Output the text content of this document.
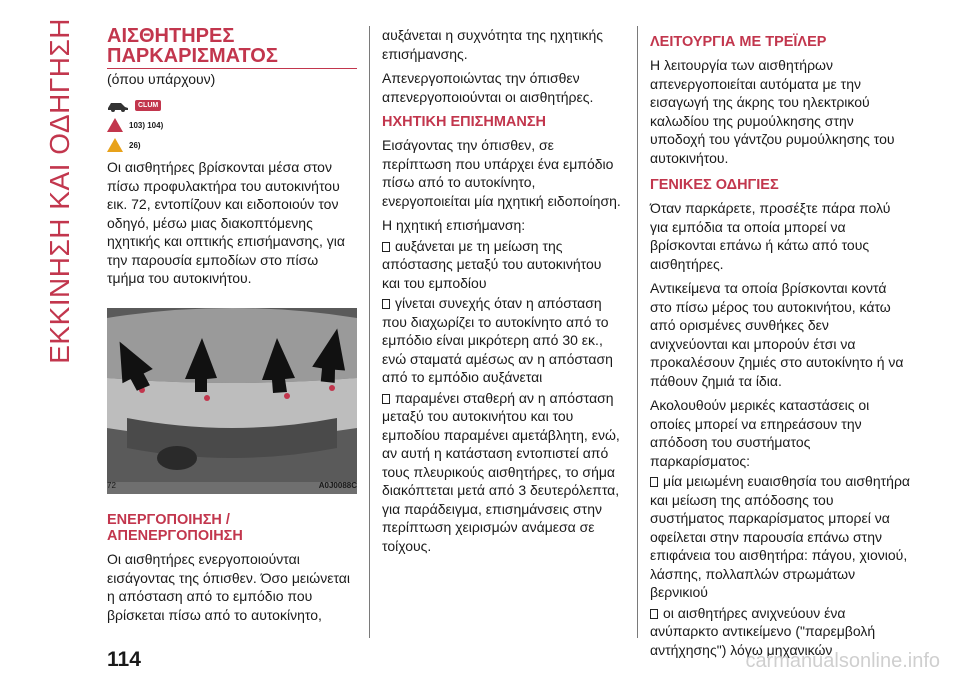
ΕΚΚΙΝΗΣΗ ΚΑΙ ΟΔΗΓΗΣΗ ΑΙΣΘΗΤΗΡΕΣ
ΠΑΡΚΑΡΙΣΜΑΤΟΣ

(όπου υπάρχουν)

CLUM
103) 104)
26)

Οι αισθητήρες βρίσκονται μέσα στον πίσω προφυλακτήρα του αυτοκινήτου εικ. 72, εντοπίζουν και ειδοποιούν τον οδηγό, μέσω μιας διακοπτόμενης ηχητικής και οπτικής επισήμανσης, για την παρουσία εμποδίων στο πίσω τμήμα του αυτοκινήτου.

72	A0J0088C
ΕΝΕΡΓΟΠΟΙΗΣΗ /
ΑΠΕΝΕΡΓΟΠΟΙΗΣΗ

Οι αισθητήρες ενεργοποιούνται εισάγοντας της όπισθεν. Όσο μειώνεται η απόσταση από το εμπόδιο που βρίσκεται πίσω από το αυτοκίνητο,

αυξάνεται η συχνότητα της ηχητικής επισήμανσης.

Απενεργοποιώντας την όπισθεν απενεργοποιούνται οι αισθητήρες.

ΗΧΗΤΙΚΗ ΕΠΙΣΗΜΑΝΣΗ

Εισάγοντας την όπισθεν, σε περίπτωση που υπάρχει ένα εμπόδιο πίσω από το αυτοκίνητο, ενεργοποιείται μία ηχητική ειδοποίηση.

Η ηχητική επισήμανση:

αυξάνεται με τη μείωση της απόστασης μεταξύ του αυτοκινήτου και του εμποδίου

γίνεται συνεχής όταν η απόσταση που διαχωρίζει το αυτοκίνητο από το εμπόδιο είναι μικρότερη από 30 εκ., ενώ σταματά αμέσως αν η απόσταση από το εμπόδιο αυξάνεται

παραμένει σταθερή αν η απόσταση μεταξύ του αυτοκινήτου και του εμποδίου παραμένει αμετάβλητη, ενώ, αν αυτή η κατάσταση εντοπιστεί από τους πλευρικούς αισθητήρες, το σήμα διακόπτεται μετά από 3 δευτερόλεπτα, για παράδειγμα, επισημάνσεις στην περίπτωση χειρισμών ανάμεσα σε τοίχους.

ΛΕΙΤΟΥΡΓΙΑ ΜΕ ΤΡΕΪΛΕΡ

Η λειτουργία των αισθητήρων απενεργοποιείται αυτόματα με την εισαγωγή της άκρης του ηλεκτρικού καλωδίου της ρυμούλκησης στην υποδοχή του γάντζου ρυμούλκησης του αυτοκινήτου.

ΓΕΝΙΚΕΣ ΟΔΗΓΙΕΣ

Όταν παρκάρετε, προσέξτε πάρα πολύ για εμπόδια τα οποία μπορεί να βρίσκονται επάνω ή κάτω από τους αισθητήρες.

Αντικείμενα τα οποία βρίσκονται κοντά στο πίσω μέρος του αυτοκινήτου, κάτω από ορισμένες συνθήκες δεν ανιχνεύονται και μπορούν έτσι να προκαλέσουν ζημιές στο αυτοκίνητο ή να πάθουν ζημιά τα ίδια.

Ακολουθούν μερικές καταστάσεις οι οποίες μπορεί να επηρεάσουν την απόδοση του συστήματος παρκαρίσματος:

μία μειωμένη ευαισθησία του αισθητήρα και μείωση της απόδοσης του συστήματος παρκαρίσματος μπορεί να οφείλεται στην παρουσία επάνω στην επιφάνεια του αισθητήρα: πάγου, χιονιού, λάσπης, πολλαπλών στρωμάτων βερνικιού

οι αισθητήρες ανιχνεύουν ένα ανύπαρκτο αντικείμενο ("παρεμβολή αντήχησης") λόγω μηχανικών

114	carmanualsonline.info
